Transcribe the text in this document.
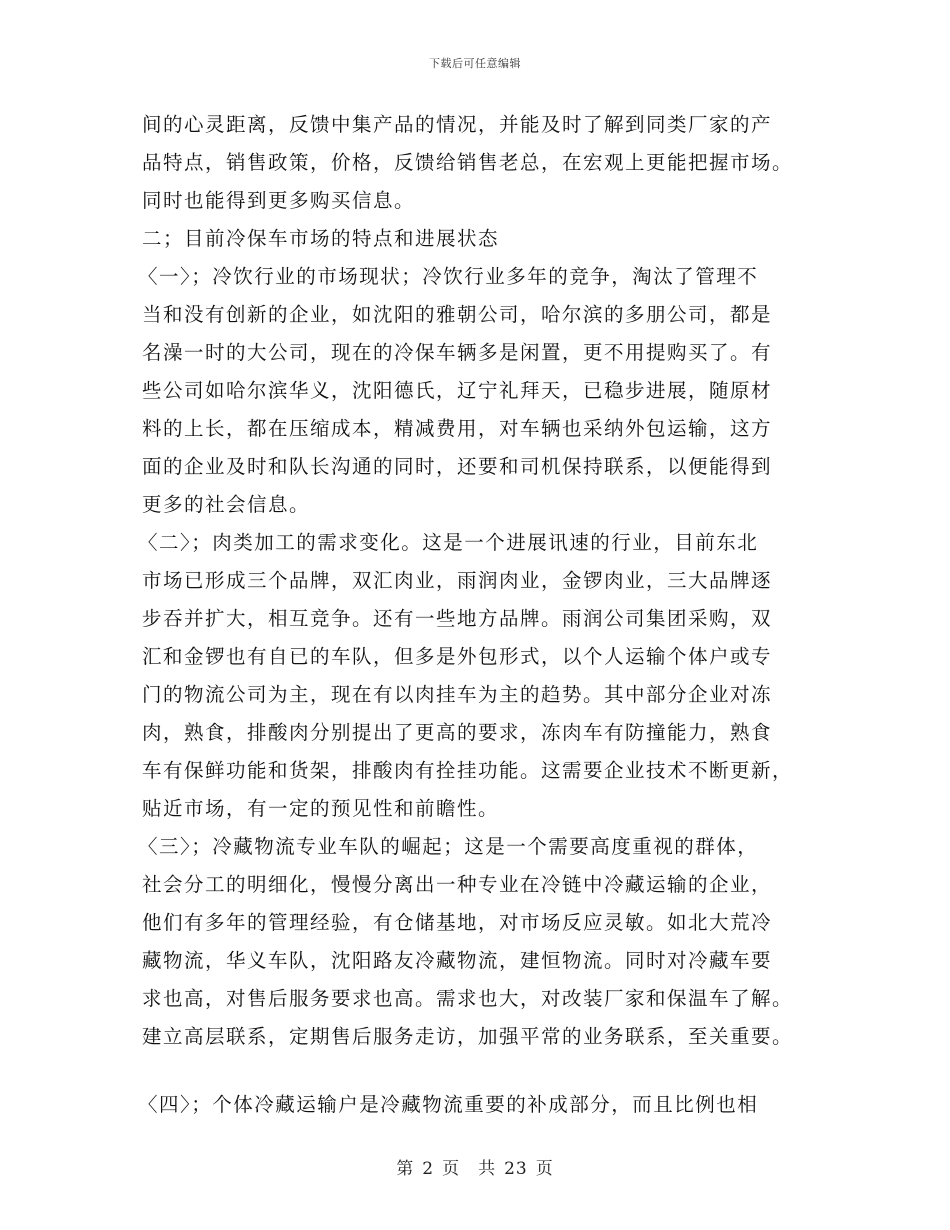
下载后可任意编辑
间的心灵距离，反馈中集产品的情况，并能及时了解到同类厂家的产
品特点，销售政策，价格，反馈给销售老总，在宏观上更能把握市场。
同时也能得到更多购买信息。
二；目前冷保车市场的特点和进展状态
〈一〉；冷饮行业的市场现状；冷饮行业多年的竞争，淘汰了管理不
当和没有创新的企业，如沈阳的雅朝公司，哈尔滨的多朋公司，都是
名澡一时的大公司，现在的冷保车辆多是闲置，更不用提购买了。有
些公司如哈尔滨华义，沈阳德氏，辽宁礼拜天，已稳步进展，随原材
料的上长，都在压缩成本，精减费用，对车辆也采纳外包运输，这方
面的企业及时和队长沟通的同时，还要和司机保持联系，以便能得到
更多的社会信息。
〈二〉；肉类加工的需求变化。这是一个进展讯速的行业，目前东北
市场已形成三个品牌，双汇肉业，雨润肉业，金锣肉业，三大品牌逐
步吞并扩大，相互竞争。还有一些地方品牌。雨润公司集团采购，双
汇和金锣也有自已的车队，但多是外包形式，以个人运输个体户或专
门的物流公司为主，现在有以肉挂车为主的趋势。其中部分企业对冻
肉，熟食，排酸肉分别提出了更高的要求，冻肉车有防撞能力，熟食
车有保鲜功能和货架，排酸肉有拴挂功能。这需要企业技术不断更新，
贴近市场，有一定的预见性和前瞻性。
〈三〉；冷藏物流专业车队的崛起；这是一个需要高度重视的群体，
社会分工的明细化，慢慢分离出一种专业在冷链中冷藏运输的企业，
他们有多年的管理经验，有仓储基地，对市场反应灵敏。如北大荒冷
藏物流，华义车队，沈阳路友冷藏物流，建恒物流。同时对冷藏车要
求也高，对售后服务要求也高。需求也大，对改装厂家和保温车了解。
建立高层联系，定期售后服务走访，加强平常的业务联系，至关重要。
〈四〉；个体冷藏运输户是冷藏物流重要的补成部分，而且比例也相
第 2 页　共 23 页
